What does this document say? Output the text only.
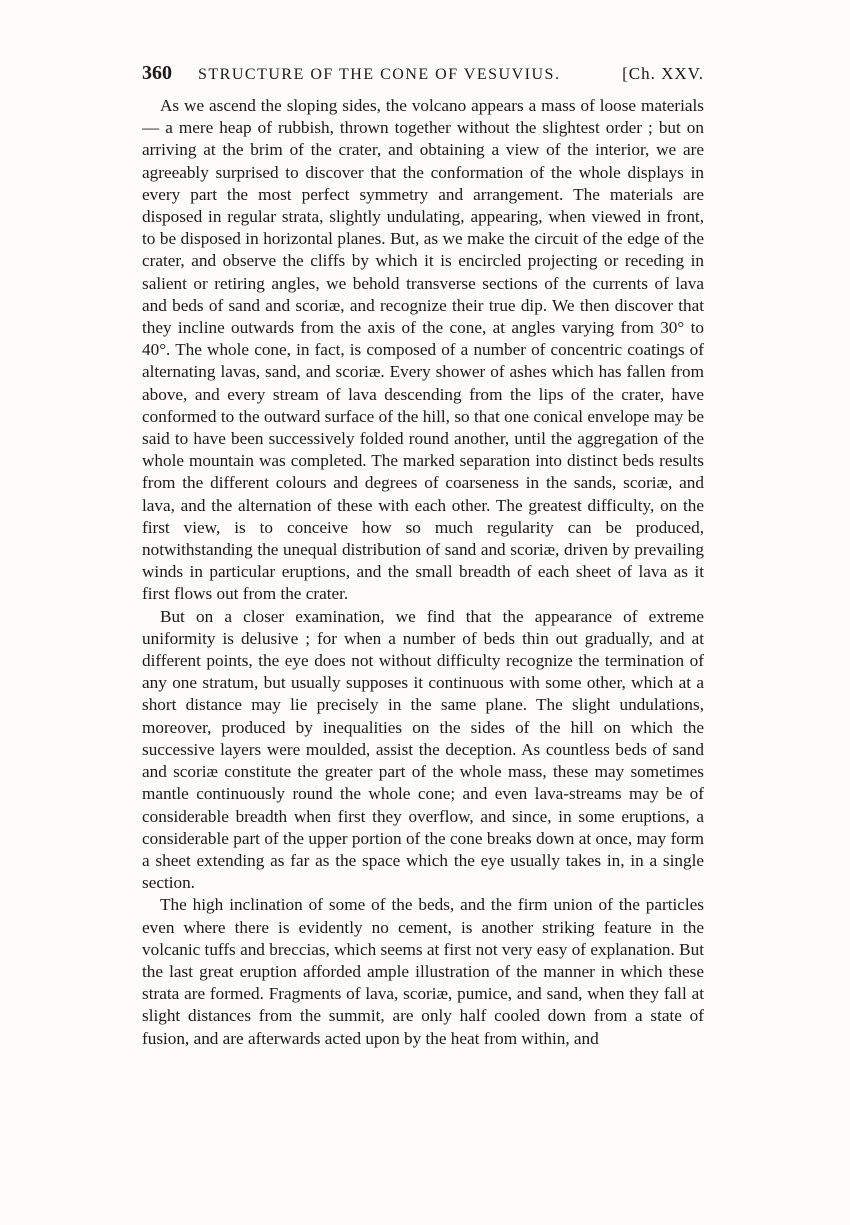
360	STRUCTURE OF THE CONE OF VESUVIUS.	[Ch. XXV.

As we ascend the sloping sides, the volcano appears a mass of loose materials — a mere heap of rubbish, thrown together without the slightest order ; but on arriving at the brim of the crater, and obtaining a view of the interior, we are agreeably surprised to discover that the conformation of the whole displays in every part the most perfect symmetry and arrangement. The materials are disposed in regular strata, slightly undulating, appearing, when viewed in front, to be disposed in horizontal planes. But, as we make the circuit of the edge of the crater, and observe the cliffs by which it is encircled projecting or receding in salient or retiring angles, we behold transverse sections of the currents of lava and beds of sand and scoriæ, and recognize their true dip. We then discover that they incline outwards from the axis of the cone, at angles varying from 30° to 40°. The whole cone, in fact, is composed of a number of concentric coatings of alternating lavas, sand, and scoriæ. Every shower of ashes which has fallen from above, and every stream of lava descending from the lips of the crater, have conformed to the outward surface of the hill, so that one conical envelope may be said to have been successively folded round another, until the aggregation of the whole mountain was completed. The marked separation into distinct beds results from the different colours and degrees of coarseness in the sands, scoriæ, and lava, and the alternation of these with each other. The greatest difficulty, on the first view, is to conceive how so much regularity can be produced, notwithstanding the unequal distribution of sand and scoriæ, driven by prevailing winds in particular eruptions, and the small breadth of each sheet of lava as it first flows out from the crater.

But on a closer examination, we find that the appearance of extreme uniformity is delusive ; for when a number of beds thin out gradually, and at different points, the eye does not without difficulty recognize the termination of any one stratum, but usually supposes it continuous with some other, which at a short distance may lie precisely in the same plane. The slight undulations, moreover, produced by inequalities on the sides of the hill on which the successive layers were moulded, assist the deception. As countless beds of sand and scoriæ constitute the greater part of the whole mass, these may sometimes mantle continuously round the whole cone; and even lava-streams may be of considerable breadth when first they overflow, and since, in some eruptions, a considerable part of the upper portion of the cone breaks down at once, may form a sheet extending as far as the space which the eye usually takes in, in a single section.

The high inclination of some of the beds, and the firm union of the particles even where there is evidently no cement, is another striking feature in the volcanic tuffs and breccias, which seems at first not very easy of explanation. But the last great eruption afforded ample illustration of the manner in which these strata are formed. Fragments of lava, scoriæ, pumice, and sand, when they fall at slight distances from the summit, are only half cooled down from a state of fusion, and are afterwards acted upon by the heat from within, and
